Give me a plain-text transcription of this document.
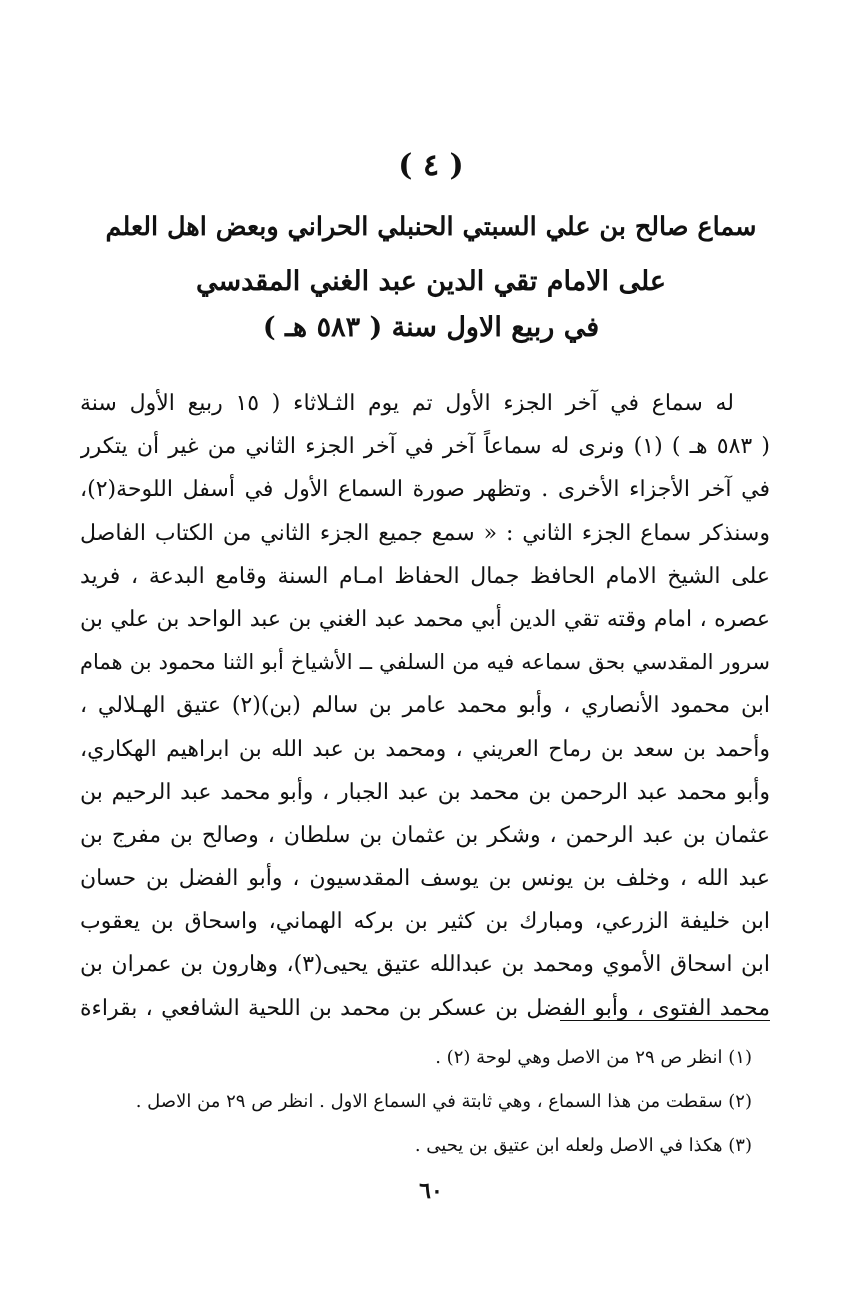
( ٤ )
سماع صالح بن علي السبتي الحنبلي الحراني وبعض اهل العلم
على الامام تقي الدين عبد الغني المقدسي
في ربيع الاول سنة ( ٥٨٣ هـ )
له سماع في آخر الجزء الأول تم يوم الثـلاثاء ( ١٥ ربيع الأول سنة
( ٥٨٣ هـ ) (١) ونرى له سماعاً آخر في آخر الجزء الثاني من غير أن يتكرر
في آخر الأجزاء الأخرى . وتظهر صورة السماع الأول في أسفل اللوحة(٢)،
وسنذكر سماع الجزء الثاني : « سمع جميع الجزء الثاني من الكتاب الفاصل
على الشيخ الامام الحافظ جمال الحفاظ امـام السنة وقامع البدعة ، فريد
عصره ، امام وقته تقي الدين أبي محمد عبد الغني بن عبد الواحد بن علي بن
سرور المقدسي بحق سماعه فيه من السلفي ــ الأشياخ أبو الثنا محمود بن همام
ابن محمود الأنصاري ، وأبو محمد عامر بن سالم (بن)(٢) عتيق الهـلالي ،
وأحمد بن سعد بن رماح العريني ، ومحمد بن عبد الله بن ابراهيم الهكاري،
وأبو محمد عبد الرحمن بن محمد بن عبد الجبار ، وأبو محمد عبد الرحيم بن
عثمان بن عبد الرحمن ، وشكر بن عثمان بن سلطان ، وصالح بن مفرج بن
عبد الله ، وخلف بن يونس بن يوسف المقدسيون ، وأبو الفضل بن حسان
ابن خليفة الزرعي، ومبارك بن كثير بن بركه الهماني، واسحاق بن يعقوب
ابن اسحاق الأموي ومحمد بن عبدالله عتيق يحيى(٣)، وهارون بن عمران بن
محمد الفتوى ، وأبو الفضل بن عسكر بن محمد بن اللحية الشافعي ، بقراءة
(١) انظر ص ٢٩ من الاصل وهي لوحة (٢) .
(٢) سقطت من هذا السماع ، وهي ثابتة في السماع الاول . انظر ص ٢٩ من الاصل .
(٣) هكذا في الاصل ولعله ابن عتيق بن يحيى .
٦٠
